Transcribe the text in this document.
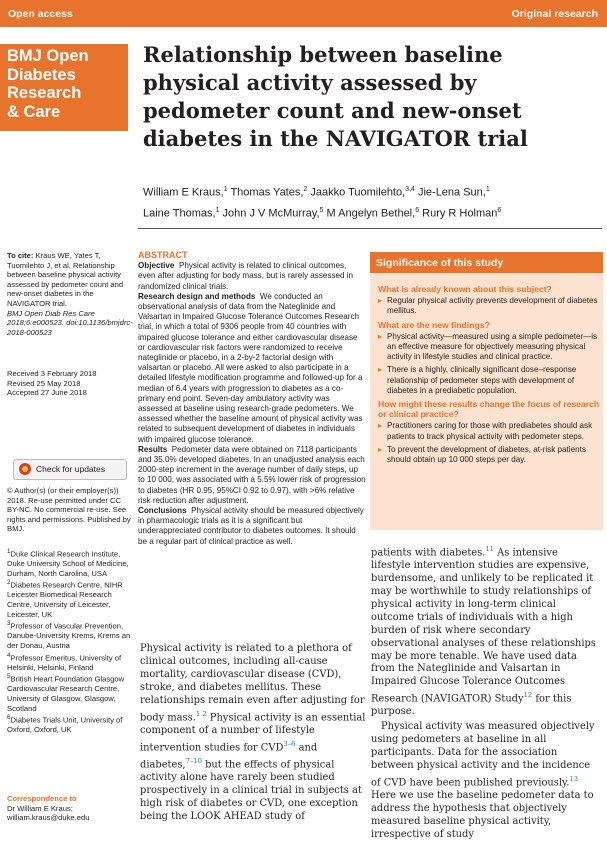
Open access	Original research
BMJ Open
Diabetes
Research
& Care
Relationship between baseline physical activity assessed by pedometer count and new-onset diabetes in the NAVIGATOR trial
William E Kraus,$^1$ Thomas Yates,$^2$ Jaakko Tuomilehto,$^{3,4}$ Jie-Lena Sun,$^1$
Laine Thomas,$^1$ John J V McMurray,$^5$ M Angelyn Bethel,$^6$ Rury R Holman$^6$
To cite: Kraus WE, Yates T, Tuomilehto J, et al. Relationship between baseline physical activity assessed by pedometer count and new-onset diabetes in the NAVIGATOR trial.
BMJ Open Diab Res Care 2018;6:e000523. doi:10.1136/bmjdrc-2018-000523
Received 3 February 2018
Revised 25 May 2018
Accepted 27 June 2018
Check for updates
© Author(s) (or their employer(s)) 2018. Re-use permitted under CC BY-NC. No commercial re-use. See rights and permissions. Published by BMJ.
$^1$Duke Clinical Research Institute, Duke University School of Medicine, Durham, North Carolina, USA
$^2$Diabetes Research Centre, NIHR Leicester Biomedical Research Centre, University of Leicester, Leicester, UK
$^3$Professor of Vascular Prevention, Danube-University Krems, Krems an der Donau, Austria
$^4$Professor Emeritus, University of Helsinki, Helsinki, Finland
$^5$British Heart Foundation Glasgow Cardiovascular Research Centre, University of Glasgow, Glasgow, Scotland
$^6$Diabetes Trials Unit, University of Oxford, Oxford, UK
Correspondence to
Dr William E Kraus;
william.kraus@duke.edu
ABSTRACT

Objective Physical activity is related to clinical outcomes, even after adjusting for body mass, but is rarely assessed in randomized clinical trials.

Research design and methods We conducted an observational analysis of data from the Nateglinide and Valsartan in Impaired Glucose Tolerance Outcomes Research trial, in which a total of 9306 people from 40 countries with impaired glucose tolerance and either cardiovascular disease or cardiovascular risk factors were randomized to receive nateglinide or placebo, in a 2-by-2 factorial design with valsartan or placebo. All were asked to also participate in a detailed lifestyle modification programme and followed-up for a median of 6.4 years with progression to diabetes as a co-primary end point. Seven-day ambulatory activity was assessed at baseline using research-grade pedometers. We assessed whether the baseline amount of physical activity was related to subsequent development of diabetes in individuals with impaired glucose tolerance.

Results Pedometer data were obtained on 7118 participants and 35.0% developed diabetes. In an unadjusted analysis each 2000-step increment in the average number of daily steps, up to 10 000, was associated with a 5.5% lower risk of progression to diabetes (HR 0.95, 95%CI 0.92 to 0.97), with >6% relative risk reduction after adjustment.

Conclusions Physical activity should be measured objectively in pharmacologic trials as it is a significant but underappreciated contributor to diabetes outcomes. It should be a regular part of clinical practice as well.

Significance of this study
What is already known about this subject?
▸ Regular physical activity prevents development of diabetes mellitus.
What are the new findings?
▸ Physical activity—measured using a simple pedometer—is an effective measure for objectively measuring physical activity in lifestyle studies and clinical practice.
▸ There is a highly, clinically significant dose–response relationship of pedometer steps with development of diabetes in a prediabetic population.
How might these results change the focus of research or clinical practice?
▸ Practitioners caring for those with prediabetes should ask patients to track physical activity with pedometer steps.
▸ To prevent the development of diabetes, at-risk patients should obtain up 10 000 steps per day.

Physical activity is related to a plethora of clinical outcomes, including all-cause mortality, cardiovascular disease (CVD), stroke, and diabetes mellitus. These relationships remain even after adjusting for body mass.$^{1 2}$ Physical activity is an essential component of a number of lifestyle intervention studies for CVD$^{3-6}$ and diabetes,$^{7-10}$ but the effects of physical activity alone have rarely been studied prospectively in a clinical trial in subjects at high risk of diabetes or CVD, one exception being the LOOK AHEAD study of

patients with diabetes.$^{11}$ As intensive lifestyle intervention studies are expensive, burdensome, and unlikely to be replicated it may be worthwhile to study relationships of physical activity in long-term clinical outcome trials of individuals with a high burden of risk where secondary observational analyses of these relationships may be more tenable. We have used data from the Nateglinide and Valsartan in Impaired Glucose Tolerance Outcomes Research (NAVIGATOR) Study$^{12}$ for this purpose.

Physical activity was measured objectively using pedometers at baseline in all participants. Data for the association between physical activity and the incidence of CVD have been published previously.$^{13}$ Here we use the baseline pedometer data to address the hypothesis that objectively measured baseline physical activity, irrespective of study
